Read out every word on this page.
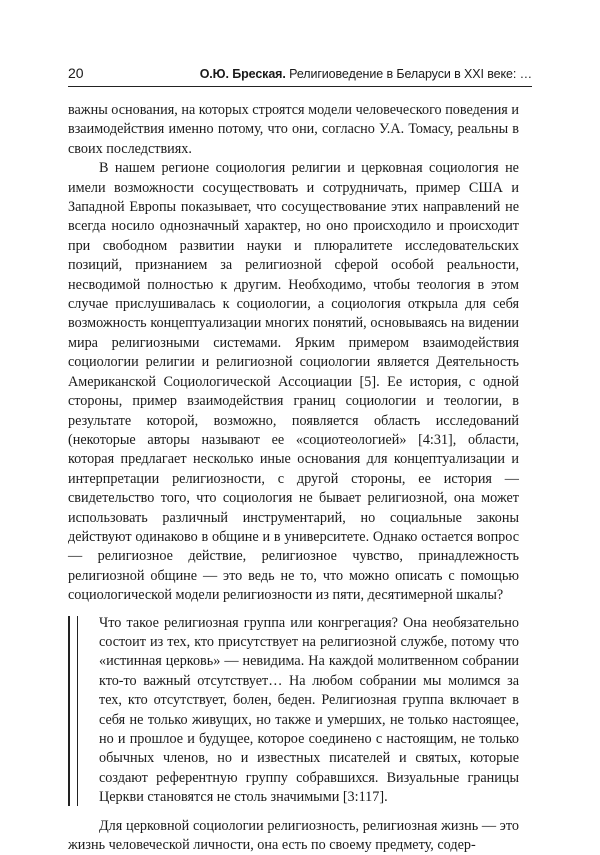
20	О.Ю. Бреская. Религиоведение в Беларуси в XXI веке: …

важны основания, на которых строятся модели человеческого поведения и взаимодействия именно потому, что они, согласно У.А. Томасу, реальны в своих последствиях.

В нашем регионе социология религии и церковная социология не имели возможности сосуществовать и сотрудничать, пример США и Западной Европы показывает, что сосуществование этих направлений не всегда носило однозначный характер, но оно происходило и происходит при свободном развитии науки и плюралитете исследовательских позиций, признанием за религиозной сферой особой реальности, несводимой полностью к другим. Необходимо, чтобы теология в этом случае прислушивалась к социологии, а социология открыла для себя возможность концептуализации многих понятий, основываясь на видении мира религиозными системами. Ярким примером взаимодействия социологии религии и религиозной социологии является Деятельность Американской Социологической Ассоциации [5]. Ее история, с одной стороны, пример взаимодействия границ социологии и теологии, в результате которой, возможно, появляется область исследований (некоторые авторы называют ее «социотеологией» [4:31], области, которая предлагает несколько иные основания для концептуализации и интерпретации религиозности, с другой стороны, ее история — свидетельство того, что социология не бывает религиозной, она может использовать различный инструментарий, но социальные законы действуют одинаково в общине и в университете. Однако остается вопрос — религиозное действие, религиозное чувство, принадлежность религиозной общине — это ведь не то, что можно описать с помощью социологической модели религиозности из пяти, десятимерной шкалы?

Что такое религиозная группа или конгрегация? Она необязательно состоит из тех, кто присутствует на религиозной службе, потому что «истинная церковь» — невидима. На каждой молитвенном собрании кто-то важный отсутствует… На любом собрании мы молимся за тех, кто отсутствует, болен, беден. Религиозная группа включает в себя не только живущих, но также и умерших, не только настоящее, но и прошлое и будущее, которое соединено с настоящим, не только обычных членов, но и известных писателей и святых, которые создают референтную группу собравшихся. Визуальные границы Церкви становятся не столь значимыми [3:117].

Для церковной социологии религиозность, религиозная жизнь — это жизнь человеческой личности, она есть по своему предмету, содер-
